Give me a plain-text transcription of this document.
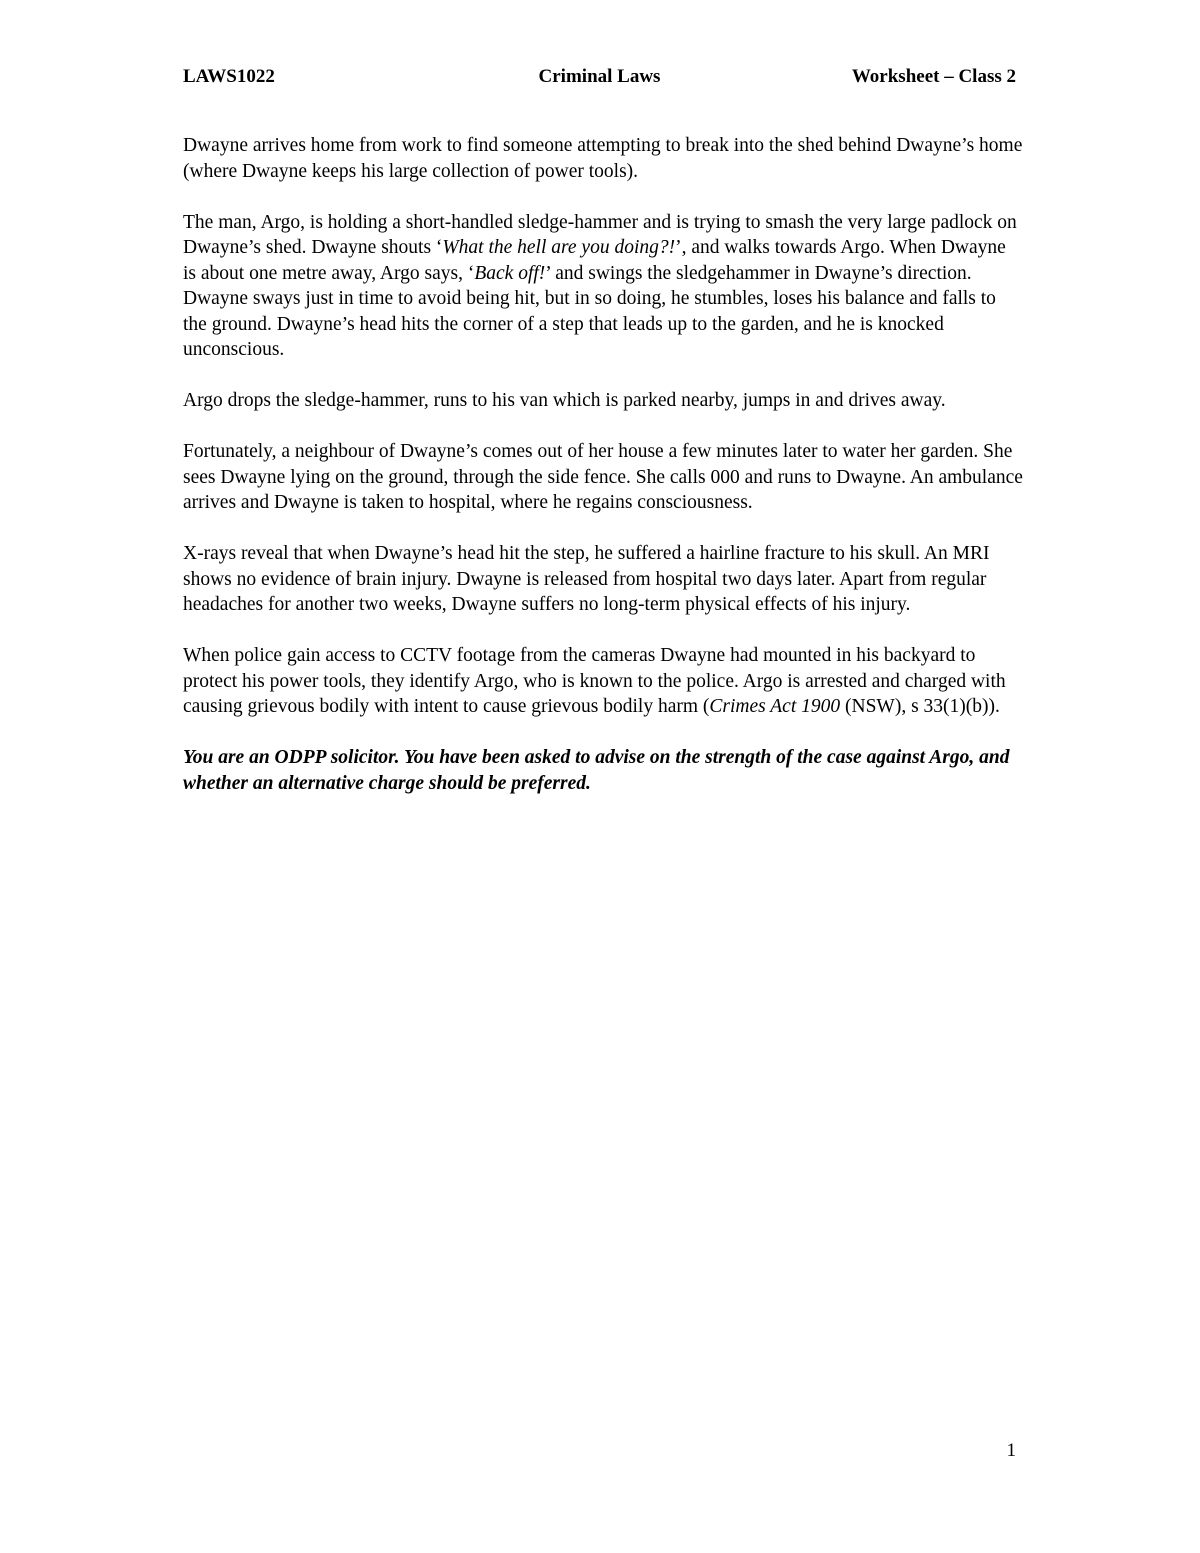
LAWS1022	Criminal Laws	Worksheet – Class 2

Dwayne arrives home from work to find someone attempting to break into the shed behind Dwayne’s home (where Dwayne keeps his large collection of power tools).

The man, Argo, is holding a short-handled sledge-hammer and is trying to smash the very large padlock on Dwayne’s shed. Dwayne shouts ‘What the hell are you doing?!’, and walks towards Argo. When Dwayne is about one metre away, Argo says, ‘Back off!’ and swings the sledgehammer in Dwayne’s direction. Dwayne sways just in time to avoid being hit, but in so doing, he stumbles, loses his balance and falls to the ground. Dwayne’s head hits the corner of a step that leads up to the garden, and he is knocked unconscious.

Argo drops the sledge-hammer, runs to his van which is parked nearby, jumps in and drives away.

Fortunately, a neighbour of Dwayne’s comes out of her house a few minutes later to water her garden. She sees Dwayne lying on the ground, through the side fence. She calls 000 and runs to Dwayne. An ambulance arrives and Dwayne is taken to hospital, where he regains consciousness.

X-rays reveal that when Dwayne’s head hit the step, he suffered a hairline fracture to his skull. An MRI shows no evidence of brain injury. Dwayne is released from hospital two days later. Apart from regular headaches for another two weeks, Dwayne suffers no long-term physical effects of his injury.

When police gain access to CCTV footage from the cameras Dwayne had mounted in his backyard to protect his power tools, they identify Argo, who is known to the police. Argo is arrested and charged with causing grievous bodily with intent to cause grievous bodily harm (Crimes Act 1900 (NSW), s 33(1)(b)).

You are an ODPP solicitor. You have been asked to advise on the strength of the case against Argo, and whether an alternative charge should be preferred.

1
